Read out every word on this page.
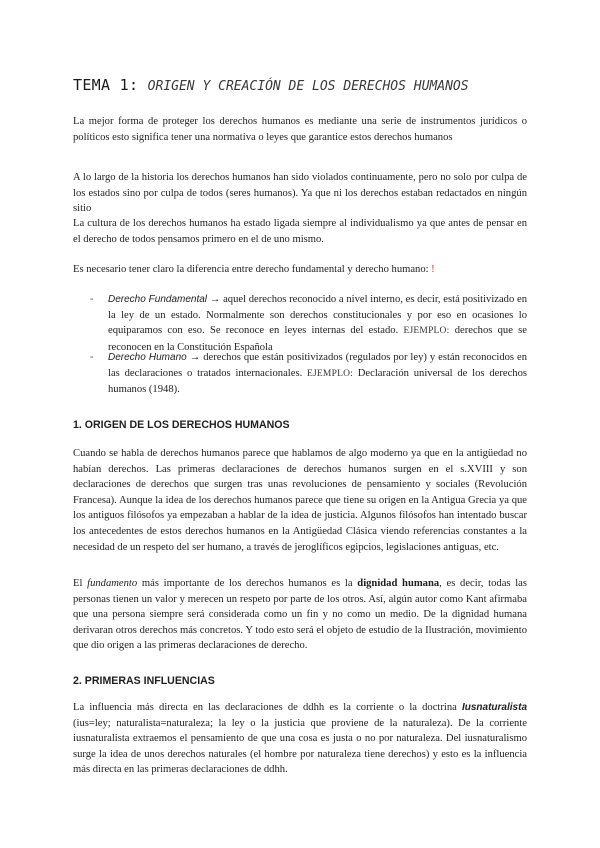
TEMA 1: ORIGEN Y CREACIÓN DE LOS DERECHOS HUMANOS

La mejor forma de proteger los derechos humanos es mediante una serie de instrumentos jurídicos o políticos esto significa tener una normativa o leyes que garantice estos derechos humanos

A lo largo de la historia los derechos humanos han sido violados continuamente, pero no solo por culpa de los estados sino por culpa de todos (seres humanos). Ya que ni los derechos estaban redactados en ningún sitio

La cultura de los derechos humanos ha estado ligada siempre al individualismo ya que antes de pensar en el derecho de todos pensamos primero en el de uno mismo.

Es necesario tener claro la diferencia entre derecho fundamental y derecho humano: !

- Derecho Fundamental → aquel derechos reconocido a nivel interno, es decir, está positivizado en la ley de un estado. Normalmente son derechos constitucionales y por eso en ocasiones lo equiparamos con eso. Se reconoce en leyes internas del estado. EJEMPLO: derechos que se reconocen en la Constitución Española

- Derecho Humano → derechos que están positivizados (regulados por ley) y están reconocidos en las declaraciones o tratados internacionales. EJEMPLO: Declaración universal de los derechos humanos (1948).

1. ORIGEN DE LOS DERECHOS HUMANOS

Cuando se habla de derechos humanos parece que hablamos de algo moderno ya que en la antigüedad no habían derechos. Las primeras declaraciones de derechos humanos surgen en el s.XVIII y son declaraciones de derechos que surgen tras unas revoluciones de pensamiento y sociales (Revolución Francesa). Aunque la idea de los derechos humanos parece que tiene su origen en la Antigua Grecia ya que los antiguos filósofos ya empezaban a hablar de la idea de justicia. Algunos filósofos han intentado buscar los antecedentes de estos derechos humanos en la Antigüedad Clásica viendo referencias constantes a la necesidad de un respeto del ser humano, a través de jeroglíficos egipcios, legislaciones antiguas, etc.

El fundamento más importante de los derechos humanos es la dignidad humana, es decir, todas las personas tienen un valor y merecen un respeto por parte de los otros. Así, algún autor como Kant afirmaba que una persona siempre será considerada como un fin y no como un medio. De la dignidad humana derivaran otros derechos más concretos. Y todo esto será el objeto de estudio de la Ilustración, movimiento que dio origen a las primeras declaraciones de derecho.

2. PRIMERAS INFLUENCIAS

La influencia más directa en las declaraciones de ddhh es la corriente o la doctrina Iusnaturalista (ius=ley; naturalista=naturaleza; la ley o la justicia que proviene de la naturaleza). De la corriente iusnaturalista extraemos el pensamiento de que una cosa es justa o no por naturaleza. Del iusnaturalismo surge la idea de unos derechos naturales (el hombre por naturaleza tiene derechos) y esto es la influencia más directa en las primeras declaraciones de ddhh.
